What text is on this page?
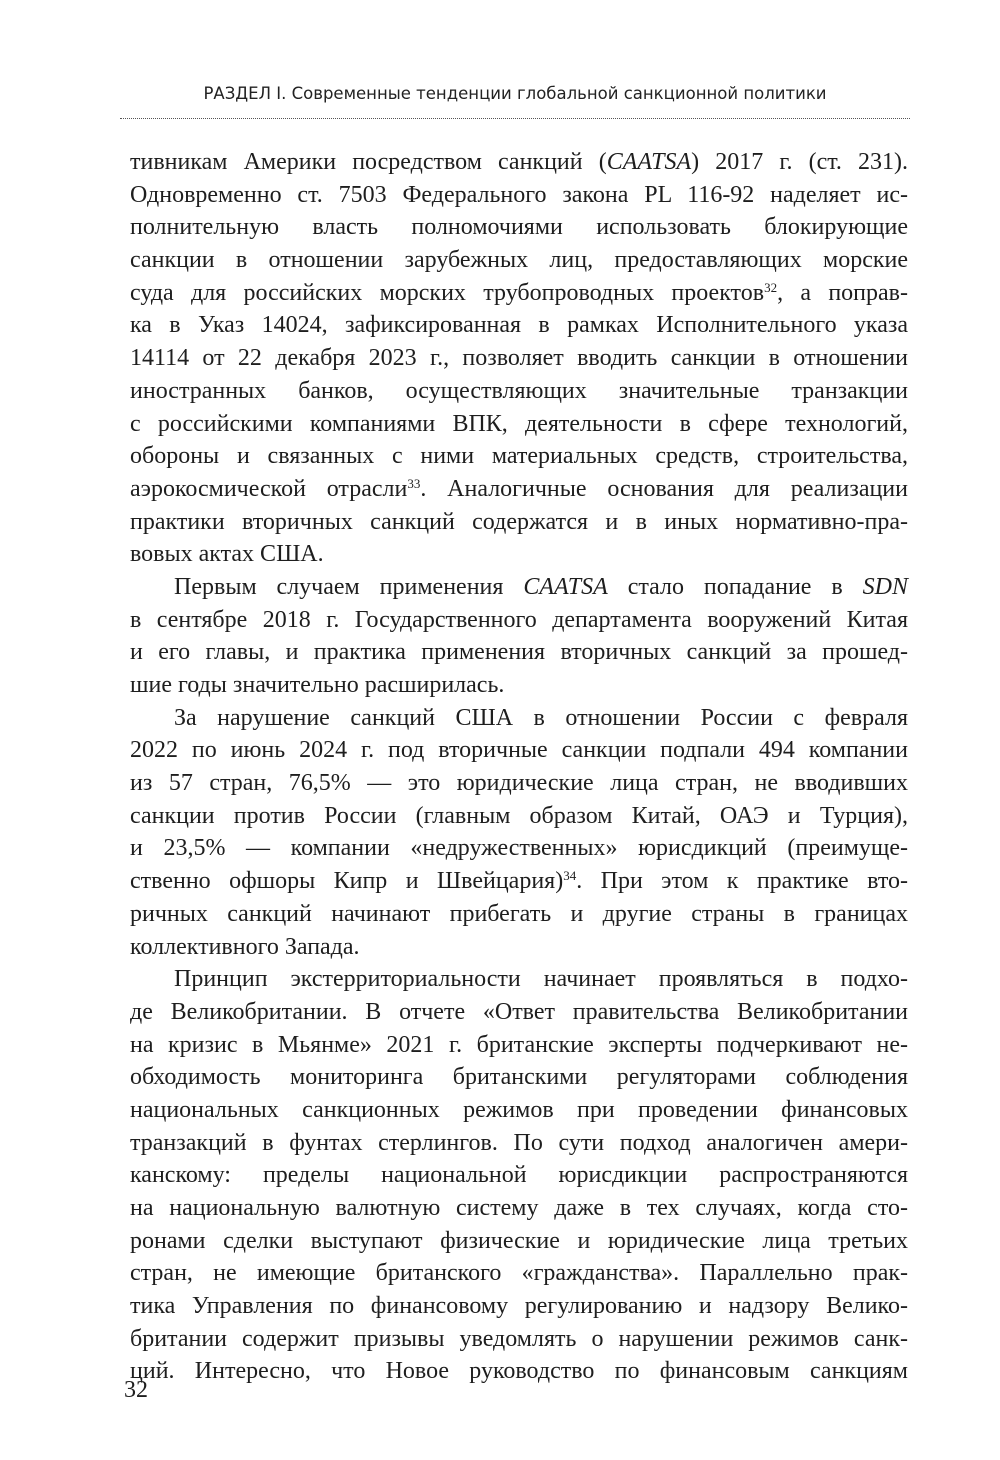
РАЗДЕЛ I. Современные тенденции глобальной санкционной политики
тивникам Америки посредством санкций (CAATSA) 2017 г. (ст. 231).
Одновременно ст. 7503 Федерального закона PL 116-92 наделяет ис-
полнительную власть полномочиями использовать блокирующие
санкции в отношении зарубежных лиц, предоставляющих морские
суда для российских морских трубопроводных проектов$^{32}$, а поправ-
ка в Указ 14024, зафиксированная в рамках Исполнительного указа
14114 от 22 декабря 2023 г., позволяет вводить санкции в отношении
иностранных банков, осуществляющих значительные транзакции
с российскими компаниями ВПК, деятельности в сфере технологий,
обороны и связанных с ними материальных средств, строительства,
аэрокосмической отрасли$^{33}$. Аналогичные основания для реализации
практики вторичных санкций содержатся и в иных нормативно-пра-
вовых актах США.
Первым случаем применения CAATSA стало попадание в SDN
в сентябре 2018 г. Государственного департамента вооружений Китая
и его главы, и практика применения вторичных санкций за прошед-
шие годы значительно расширилась.
За нарушение санкций США в отношении России с февраля
2022 по июнь 2024 г. под вторичные санкции подпали 494 компании
из 57 стран, 76,5% — это юридические лица стран, не вводивших
санкции против России (главным образом Китай, ОАЭ и Турция),
и 23,5% — компании «недружественных» юрисдикций (преимуще-
ственно офшоры Кипр и Швейцария)$^{34}$. При этом к практике вто-
ричных санкций начинают прибегать и другие страны в границах
коллективного Запада.
Принцип экстерриториальности начинает проявляться в подхо-
де Великобритании. В отчете «Ответ правительства Великобритании
на кризис в Мьянме» 2021 г. британские эксперты подчеркивают не-
обходимость мониторинга британскими регуляторами соблюдения
национальных санкционных режимов при проведении финансовых
транзакций в фунтах стерлингов. По сути подход аналогичен амери-
канскому: пределы национальной юрисдикции распространяются
на национальную валютную систему даже в тех случаях, когда сто-
ронами сделки выступают физические и юридические лица третьих
стран, не имеющие британского «гражданства». Параллельно прак-
тика Управления по финансовому регулированию и надзору Велико-
британии содержит призывы уведомлять о нарушении режимов санк-
ций. Интересно, что Новое руководство по финансовым санкциям
32
